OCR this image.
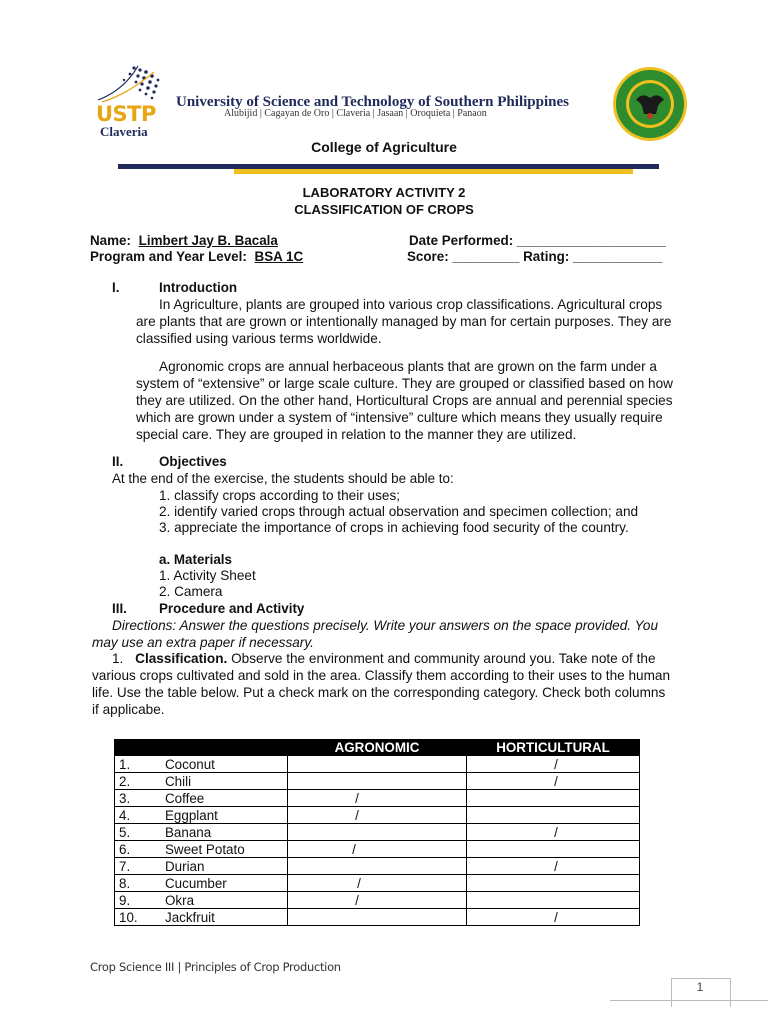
USTP
Claveria
University of Science and Technology of Southern Philippines
Alubijid | Cagayan de Oro | Claveria | Jasaan | Oroquieta | Panaon
College of Agriculture
LABORATORY ACTIVITY 2
CLASSIFICATION OF CROPS
Name: Limbert Jay B. Bacala	Date Performed: ____________________
Program and Year Level: BSA 1C	Score: _________ Rating: ____________
I.	Introduction
In Agriculture, plants are grouped into various crop classifications. Agricultural crops
are plants that are grown or intentionally managed by man for certain purposes. They are
classified using various terms worldwide.
Agronomic crops are annual herbaceous plants that are grown on the farm under a
system of “extensive” or large scale culture. They are grouped or classified based on how
they are utilized. On the other hand, Horticultural Crops are annual and perennial species
which are grown under a system of “intensive” culture which means they usually require
special care. They are grouped in relation to the manner they are utilized.
II.	Objectives
At the end of the exercise, the students should be able to:
1. classify crops according to their uses;
2. identify varied crops through actual observation and specimen collection; and
3. appreciate the importance of crops in achieving food security of the country.
a. Materials
1. Activity Sheet
2. Camera
III. Procedure and Activity
Directions: Answer the questions precisely. Write your answers on the space provided. You
may use an extra paper if necessary.
1. Classification. Observe the environment and community around you. Take note of the
various crops cultivated and sold in the area. Classify them according to their uses to the human
life. Use the table below. Put a check mark on the corresponding category. Check both columns
if applicabe.
	AGRONOMIC	HORTICULTURAL
1. Coconut		/
2. Chili		/
3. Coffee	/	
4. Eggplant	/	
5. Banana		/
6. Sweet Potato	/	
7. Durian		/
8. Cucumber	/	
9. Okra	/	
10. Jackfruit		/
Crop Science III | Principles of Crop Production
1
